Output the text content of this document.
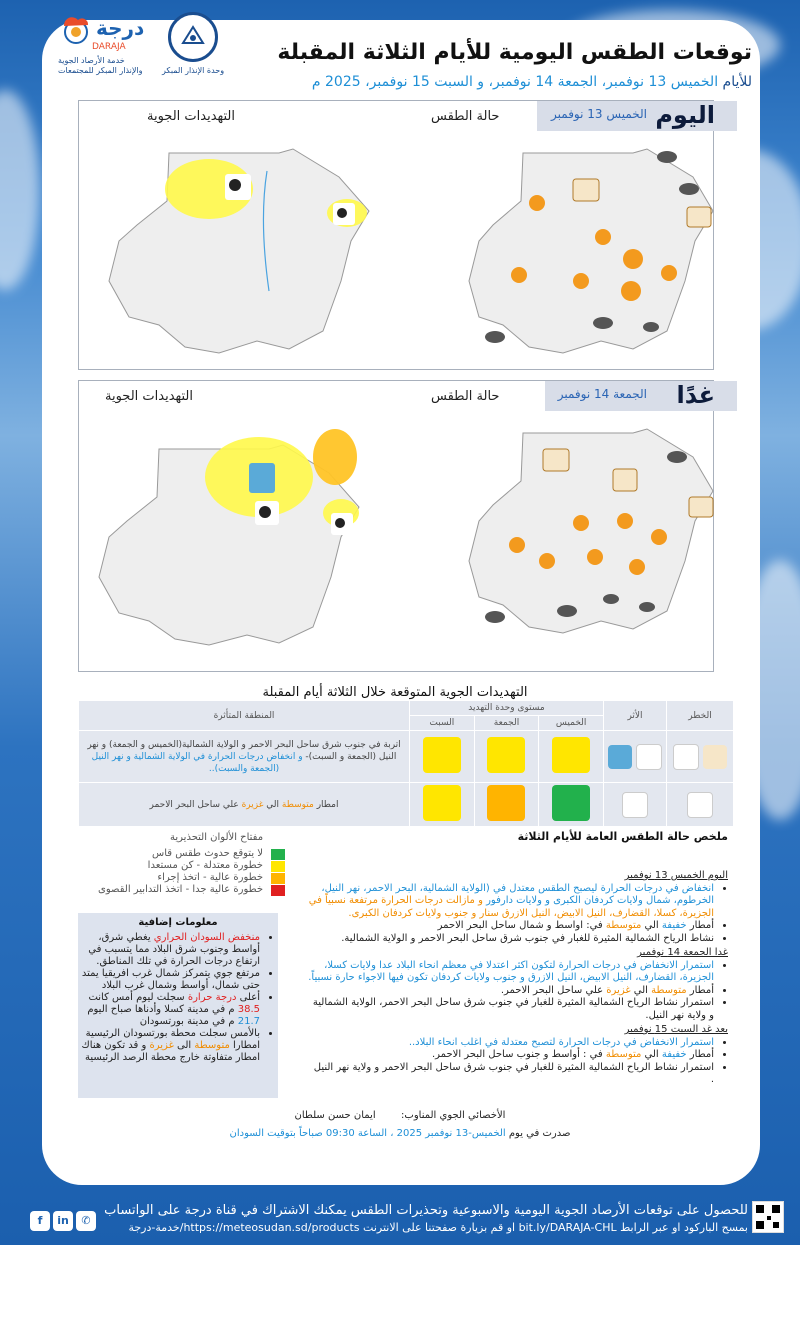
درجة
DARAJA
خدمة الأرصاد الجوية
والإنذار المبكر للمجتمعات وحدة الإنذار المبكر
توقعات الطقس اليومية للأيام الثلاثة المقبلة
للأيام الخميس 13 نوفمبر، الجمعة 14 نوفمبر، و السبت 15 نوفمبر، 2025 م
اليوم
الخميس 13 نوفمبر
التهديدات الجوية	حالة الطقس
غدًا
الجمعة 14 نوفمبر
التهديدات الجوية	حالة الطقس
التهديدات الجوية المتوقعة خلال الثلاثة أيام المقبلة
المنطقة المتأثرة	مستوى وحدة التهديد			الأثر	الخطر
	السبت	الجمعة	الخميس		
اتربة في جنوب شرق ساحل البحر الاحمر و الولاية الشمالية(الخميس و الجمعة) و نهر النيل (الجمعة و السبت)- و انخفاض درجات الحرارة في الولاية الشمالية و نهر النيل (الجمعة والسبت)..					
امطار متوسطة الي غزيرة علي ساحل البحر الاحمر					
مفتاح الألوان التحذيرية
لا يتوقع حدوث طقس قاس
خطورة معتدلة - كن مستعدا
خطورة عالية - اتخذ إجراء
خطورة عالية جدا - اتخذ التدابير القصوى
معلومات إضافية
• منخفض السودان الحراري يغطي شرق، أواسط وجنوب شرق البلاد مما يتسبب في ارتفاع درجات الحرارة في تلك المناطق.
• مرتفع جوي يتمركز شمال غرب افريقيا يمتد حتى شمال، أواسط وشمال غرب البلاد
• أعلى درجة حرارة سجلت ليوم أمس كانت 38.5 م في مدينة كسلا وأدناها صباح اليوم 21.7 م في مدينة بورتسودان
• بالأمس سجلت محطة بورتسودان الرئيسية امطارا متوسطة الى غزيرة و قد تكون هناك امطار متفاوتة خارج محطة الرصد الرئيسية
ملخص حالة الطقس العامة للأيام الثلاثة
اليوم الخميس 13 نوفمبر
• انخفاض في درجات الحرارة ليصبح الطقس معتدل في (الولاية الشمالية، البحر الاحمر، نهر النيل، الخرطوم، شمال ولايات كردفان الكبرى و ولايات دارفور و مازالت درجات الحرارة مرتفعة نسبياً في الجزيرة، كسلا، القضارف، النيل الابيض، النيل الازرق سنار و جنوب ولايات كردفان الكبرى.
• أمطار خفيفة الي متوسطة في: اواسط و شمال ساحل البحر الاحمر
• نشاط الرياح الشمالية المثيرة للغبار في جنوب شرق ساحل البحر الاحمر و الولاية الشمالية.
غدا الجمعة 14 نوفمبر
• استمرار الانخفاض في درجات الحرارة لتكون اكثر اعتدلا في معظم انحاء البلاد عدا ولايات كسلا، الجزيرة، القضارف، النيل الابيض، النيل الازرق و جنوب ولايات كردفان تكون فيها الاجواء حارة نسبياً.
• أمطار متوسطة الي غزيرة علي ساحل البحر الاحمر.
• استمرار نشاط الرياح الشمالية المثيرة للغبار في جنوب شرق ساحل البحر الاحمر، الولاية الشمالية و ولاية نهر النيل.
بعد غد السبت 15 نوفمبر
• استمرار الانخفاض في درجات الحرارة لتصبح معتدلة في اغلب انحاء البلاد..
• أمطار خفيفة الي متوسطة في : أواسط و جنوب ساحل البحر الاحمر.
• استمرار نشاط الرياح الشمالية المثيرة للغبار في جنوب شرق ساحل البحر الاحمر و ولاية نهر النيل .
الأخصائي الجوي المناوب:        ايمان حسن سلطان
صدرت في يوم الخميس-13 نوفمبر 2025 ، الساعة 09:30 صباحاً بتوقيت السودان
للحصول على توقعات الأرصاد الجوية اليومية والاسبوعية وتحذيرات الطقس يمكنك الاشتراك في قناة درجة على الواتساب
بمسح الباركود او عبر الرابط bit.ly/DARAJA-CHL او قم بزيارة صفحتنا على الانترنت https://meteosudan.sd/products/خدمة-درجة
f in ✆
